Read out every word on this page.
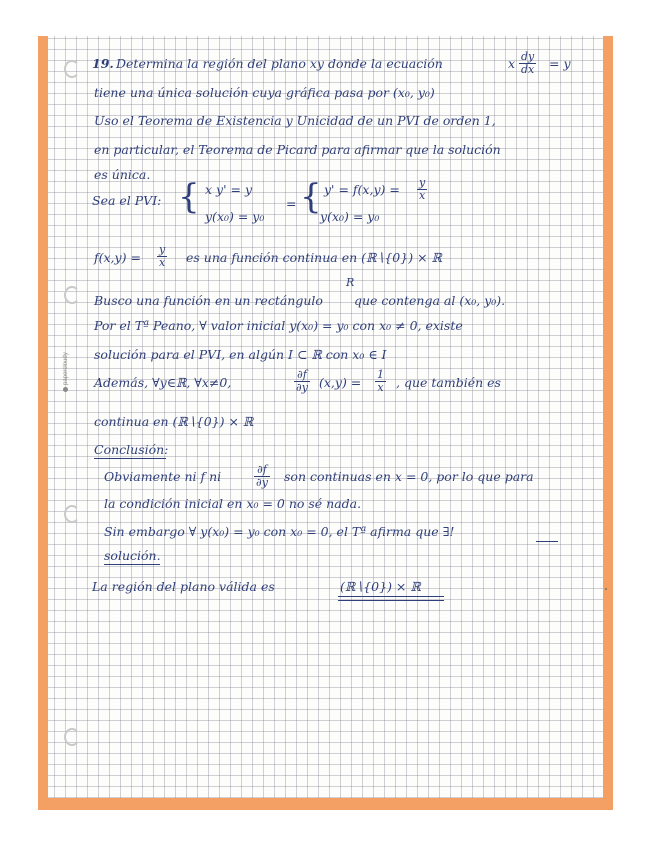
papercloudy
19. Determina la región del plano xy donde la ecuación	x $\frac{dy}{dx} = y$
tiene una única solución cuya gráfica pasa por (x₀, y₀)
Uso el Teorema de Existencia y Unicidad de un PVI de orden 1,
en particular, el Teorema de Picard para afirmar que la solución
es única.
Sea el PVI: { x y' = y
y(x₀) = y₀
= { $y' = f(x,y) = \frac{y}{x}$
y(x₀) = y₀
$f(x,y) = \frac{y}{x}$ es una función continua en (ℝ∖{0}) × ℝ
Busco una función en un rectángulo
R
que contenga al (x₀, y₀).
Por el Tª Peano, ∀ valor inicial y(x₀) = y₀ con x₀ ≠ 0, existe
solución para el PVI, en algún I ⊂ ℝ con x₀ ∈ I
Además, ∀y∈ℝ, ∀x≠0,	$\frac{\partial f}{\partial y} (x,y) = \frac{1}{x}$ , que también es
continua en (ℝ∖{0}) × ℝ
Conclusión:
Obviamente ni f ni	$\frac{\partial f}{\partial y}$ son continuas en x = 0, por lo que para
la condición inicial en x₀ = 0 no sé nada.
Sin embargo ∀ y(x₀) = y₀ con x₀ = 0, el Tª afirma que ∃!
solución.
La región del plano válida es	(ℝ∖{0}) × ℝ
